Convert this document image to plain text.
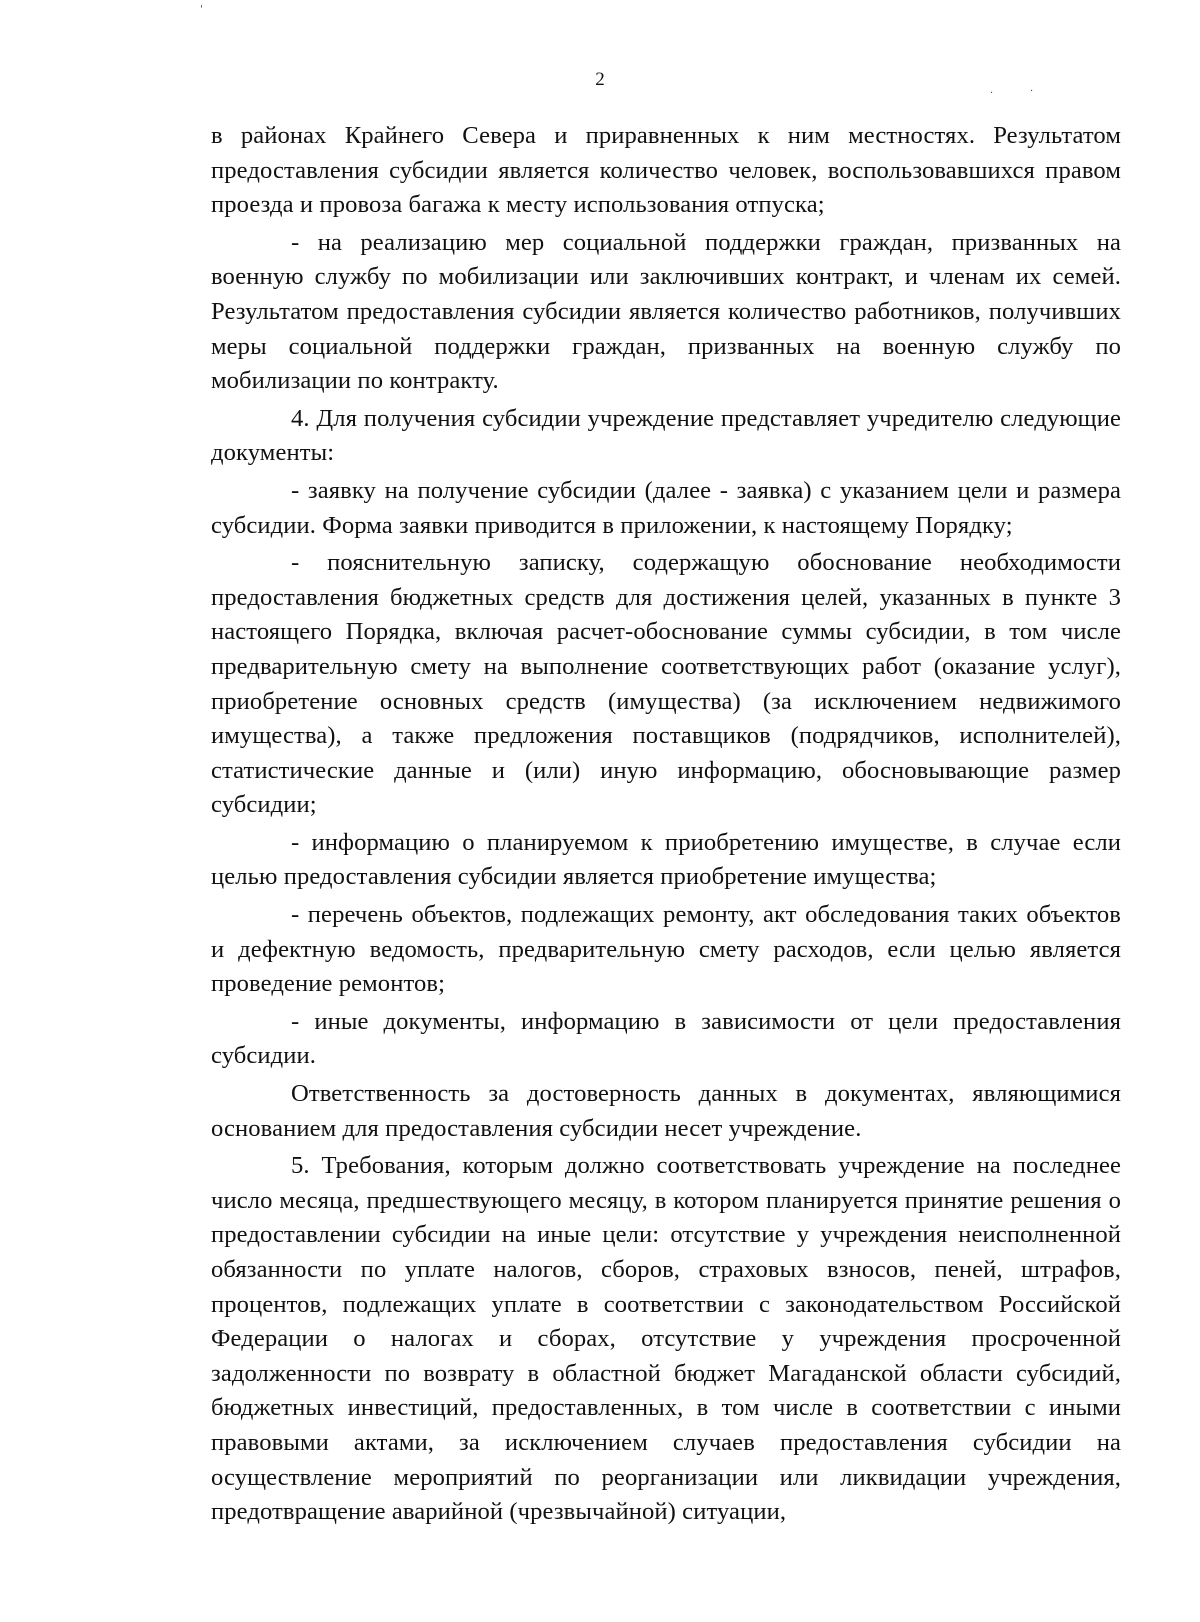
2
'
·	·

в районах Крайнего Севера и приравненных к ним местностях. Результатом предоставления субсидии является количество человек, воспользовавшихся правом проезда и провоза багажа к месту использования отпуска;

- на реализацию мер социальной поддержки граждан, призванных на военную службу по мобилизации или заключивших контракт, и членам их семей. Результатом предоставления субсидии является количество работников, получивших меры социальной поддержки граждан, призванных на военную службу по мобилизации по контракту.

4. Для получения субсидии учреждение представляет учредителю следующие документы:

- заявку на получение субсидии (далее - заявка) с указанием цели и размера субсидии. Форма заявки приводится в приложении, к настоящему Порядку;

- пояснительную записку, содержащую обоснование необходимости предоставления бюджетных средств для достижения целей, указанных в пункте 3 настоящего Порядка, включая расчет-обоснование суммы субсидии, в том числе предварительную смету на выполнение соответствующих работ (оказание услуг), приобретение основных средств (имущества) (за исключением недвижимого имущества), а также предложения поставщиков (подрядчиков, исполнителей), статистические данные и (или) иную информацию, обосновывающие размер субсидии;

- информацию о планируемом к приобретению имуществе, в случае если целью предоставления субсидии является приобретение имущества;

- перечень объектов, подлежащих ремонту, акт обследования таких объектов и дефектную ведомость, предварительную смету расходов, если целью является проведение ремонтов;

- иные документы, информацию в зависимости от цели предоставления субсидии.

Ответственность за достоверность данных в документах, являющимися основанием для предоставления субсидии несет учреждение.

5. Требования, которым должно соответствовать учреждение на последнее число месяца, предшествующего месяцу, в котором планируется принятие решения о предоставлении субсидии на иные цели: отсутствие у учреждения неисполненной обязанности по уплате налогов, сборов, страховых взносов, пеней, штрафов, процентов, подлежащих уплате в соответствии с законодательством Российской Федерации о налогах и сборах, отсутствие у учреждения просроченной задолженности по возврату в областной бюджет Магаданской области субсидий, бюджетных инвестиций, предоставленных, в том числе в соответствии с иными правовыми актами, за исключением случаев предоставления субсидии на осуществление мероприятий по реорганизации или ликвидации учреждения, предотвращение аварийной (чрезвычайной) ситуации,
